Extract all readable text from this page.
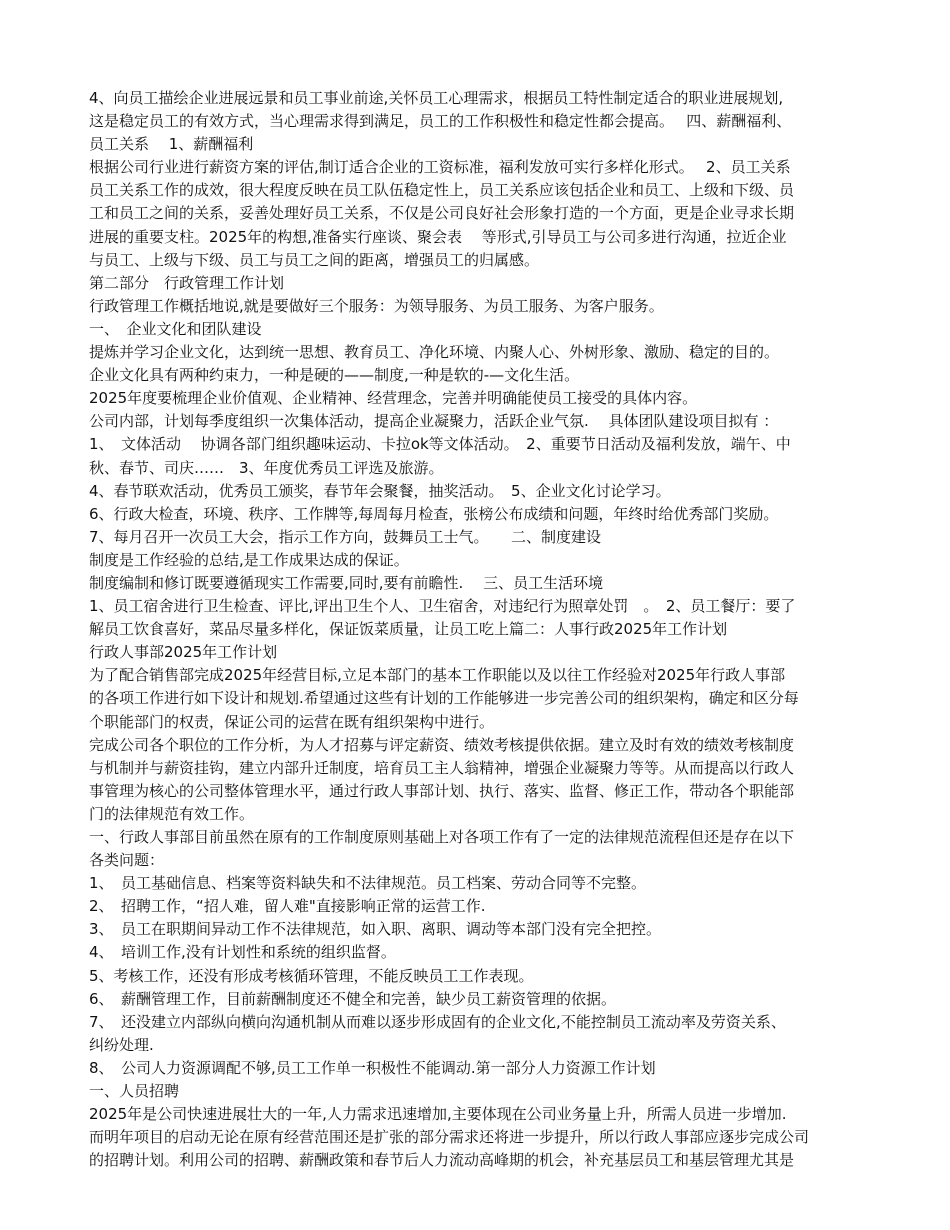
4、向员工描绘企业进展远景和员工事业前途,关怀员工心理需求，根据员工特性制定适合的职业进展规划,
这是稳定员工的有效方式，当心理需求得到满足，员工的工作积极性和稳定性都会提高。　 四、薪酬福利、
员工关系　 1、薪酬福利
根据公司行业进行薪资方案的评估,制订适合企业的工资标准，福利发放可实行多样化形式。　 2、员工关系
员工关系工作的成效，很大程度反映在员工队伍稳定性上，员工关系应该包括企业和员工、上级和下级、员
工和员工之间的关系，妥善处理好员工关系，不仅是公司良好社会形象打造的一个方面，更是企业寻求长期
进展的重要支柱。2025年的构想,准备实行座谈、聚会表　 等形式,引导员工与公司多进行沟通，拉近企业
与员工、上级与下级、员工与员工之间的距离，增强员工的归属感。
第二部分　行政管理工作计划
行政管理工作概括地说,就是要做好三个服务：为领导服务、为员工服务、为客户服务。
一、　企业文化和团队建设
提炼并学习企业文化，达到统一思想、教育员工、净化环境、内聚人心、外树形象、激励、稳定的目的。
企业文化具有两种约束力，一种是硬的——制度,一种是软的-—文化生活。
2025年度要梳理企业价值观、企业精神、经营理念，完善并明确能使员工接受的具体内容。
公司内部，计划每季度组织一次集体活动，提高企业凝聚力，活跃企业气氛.　 具体团队建设项目拟有 ：
1、　文体活动　 协调各部门组织趣味运动、卡拉ok等文体活动。　2、重要节日活动及福利发放，端午、中
秋、春节、司庆……　3、年度优秀员工评选及旅游。
4、春节联欢活动，优秀员工颁奖，春节年会聚餐，抽奖活动。　5、企业文化讨论学习。
6、行政大检查，环境、秩序、工作牌等,每周每月检查，张榜公布成绩和问题，年终时给优秀部门奖励。
7、每月召开一次员工大会，指示工作方向，鼓舞员工士气。　　二、制度建设
制度是工作经验的总结,是工作成果达成的保证。
制度编制和修订既要遵循现实工作需要,同时,要有前瞻性.　 三、员工生活环境
1、员工宿舍进行卫生检查、评比,评出卫生个人、卫生宿舍，对违纪行为照章处罚　。　2、员工餐厅：要了
解员工饮食喜好，菜品尽量多样化，保证饭菜质量，让员工吃上篇二：人事行政2025年工作计划
行政人事部2025年工作计划
为了配合销售部完成2025年经营目标,立足本部门的基本工作职能以及以往工作经验对2025年行政人事部
的各项工作进行如下设计和规划.希望通过这些有计划的工作能够进一步完善公司的组织架构，确定和区分每
个职能部门的权责，保证公司的运营在既有组织架构中进行。
完成公司各个职位的工作分析，为人才招募与评定薪资、绩效考核提供依据。建立及时有效的绩效考核制度
与机制并与薪资挂钩，建立内部升迁制度，培育员工主人翁精神，增强企业凝聚力等等。从而提高以行政人
事管理为核心的公司整体管理水平，通过行政人事部计划、执行、落实、监督、修正工作，带动各个职能部
门的法律规范有效工作。
一、行政人事部目前虽然在原有的工作制度原则基础上对各项工作有了一定的法律规范流程但还是存在以下
各类问题：
1、　员工基础信息、档案等资料缺失和不法律规范。员工档案、劳动合同等不完整。
2、　招聘工作，“招人难，留人难"直接影响正常的运营工作.
3、　员工在职期间异动工作不法律规范，如入职、离职、调动等本部门没有完全把控。
4、　培训工作,没有计划性和系统的组织监督。
5、考核工作，还没有形成考核循环管理，不能反映员工工作表现。
6、　薪酬管理工作，目前薪酬制度还不健全和完善，缺少员工薪资管理的依据。
7、　还没建立内部纵向横向沟通机制从而难以逐步形成固有的企业文化,不能控制员工流动率及劳资关系、
纠纷处理.
8、　公司人力资源调配不够,员工工作单一积极性不能调动.第一部分人力资源工作计划
一、人员招聘
2025年是公司快速进展壮大的一年,人力需求迅速增加,主要体现在公司业务量上升，所需人员进一步增加.
而明年项目的启动无论在原有经营范围还是扩张的部分需求还将进一步提升，所以行政人事部应逐步完成公司
的招聘计划。利用公司的招聘、薪酬政策和春节后人力流动高峰期的机会，补充基层员工和基层管理尤其是
